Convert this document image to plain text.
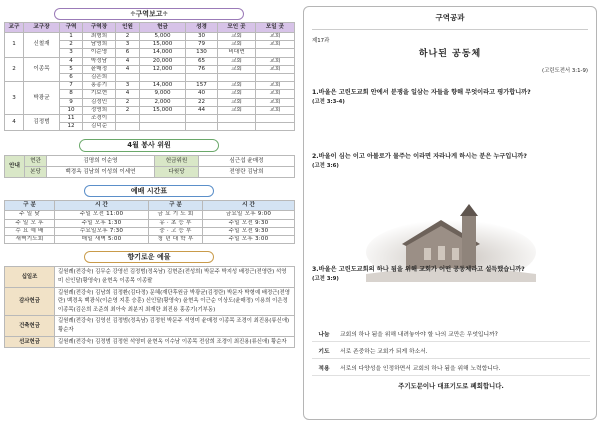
♱구역보고♱
교구	교구장	구역	구역장	인원	헌금	성경	모인 곳	모일 곳
1	신철재	1	최형희	2	5,000	30	교회	교회
		2	남영희	3	15,000	79	교회	교회
		3	이순영	6	14,000	130	비대면	
2	이종목	4	박정남	4	20,000	65	교회	교회
		5	윤매정	4	12,000	76	교회	교회
		6	김은희					
3	박광균	7	홍종기	3	14,000	157	교회	교회
		8	기보현	4	9,000	40	교회	교회
		9	김정민	2	2,000	22	교회	교회
		10	정영희	2	15,000	44	교회	교회
4	김정범	11	조경이					
		12	김덕순					
4월 봉사 위원
안내	현관	김명희 이순영	헌금위원	심근섭 윤매정
	본당	백경옥 김남희 이성희 이세연	다윗당	전영란 김남희
예배 시간표
구 분	시 간	구 분	시 간
주 일 낮	주일 오전 11:00	금 요 기 도 회	금요일 오후 9:00
주 일 오 후	주일 오후 1:30	유 · 초 등 부	주일 오전 9:30
수 요 예 배	수요일오후 7:30	중 · 고 등 부	주일 오전 9:30
새벽기도회	매일 새벽 5:00	청 년 대 학 부	주일 오후 3:00
향기로운 예물
십일조	길원례(전강숙) 김무순 강영선 김정범(정옥남) 김현준(전성희) 박문주 박지성 배정근(전영란) 석영미 신인달(황영숙) 윤현옥 이종목 이종팔
감사헌금	길원례(전강숙) 김남희 김정환(김다정) 문혜(재단후원금 박광균(김정란) 박문자 박형예 배정근(전영란) 백경옥 백광식(이순영 지훈 승훈) 신인달(황영숙) 윤현옥 이근순 이상도(윤매정) 이용희 이은정 이종목(김은희 조준희 최아숙 최분지 최재란 최진용 홍종기(기부동)
건축헌금	길원례(전강숙) 김영선 김정범(정옥남) 김정헌 박문주 석영미 윤매정 이종목 조경이 최진용(류신애) 황순자
선교헌금	길원례(전강숙) 김정범 김정헌 석영미 윤현옥 이수남 이종목 전삼희 조경이 최진용(류신애) 황순자
구역공과
제17과
하나된 공동체
(고린도전서 3:1-9)
1.바울은 고린도교회 안에서 분쟁을 일삼는 자들을 향해 무엇이라고 평가합니까?
(고전 3:3-4)
2.바울이 심는 이고 아볼로가 물주는 이라면 자라나게 하시는 분은 누구입니까?
(고전 3:6)
3.바울은 고린도교회의 하나 됨을 위해 교회가 어떤 공동체라고 설득했습니까?
(고전 3:9)
나눔	교회의 하나 됨을 위해 내려놓아야 할 나의 교만은 무엇입니까?
기도	서로 존중하는 교회가 되게 하소서.
적용	서로의 다양성을 인정하면서 교회의 하나 됨을 위해 노력합니다.
주기도문이나 대표기도로 폐회합니다.
